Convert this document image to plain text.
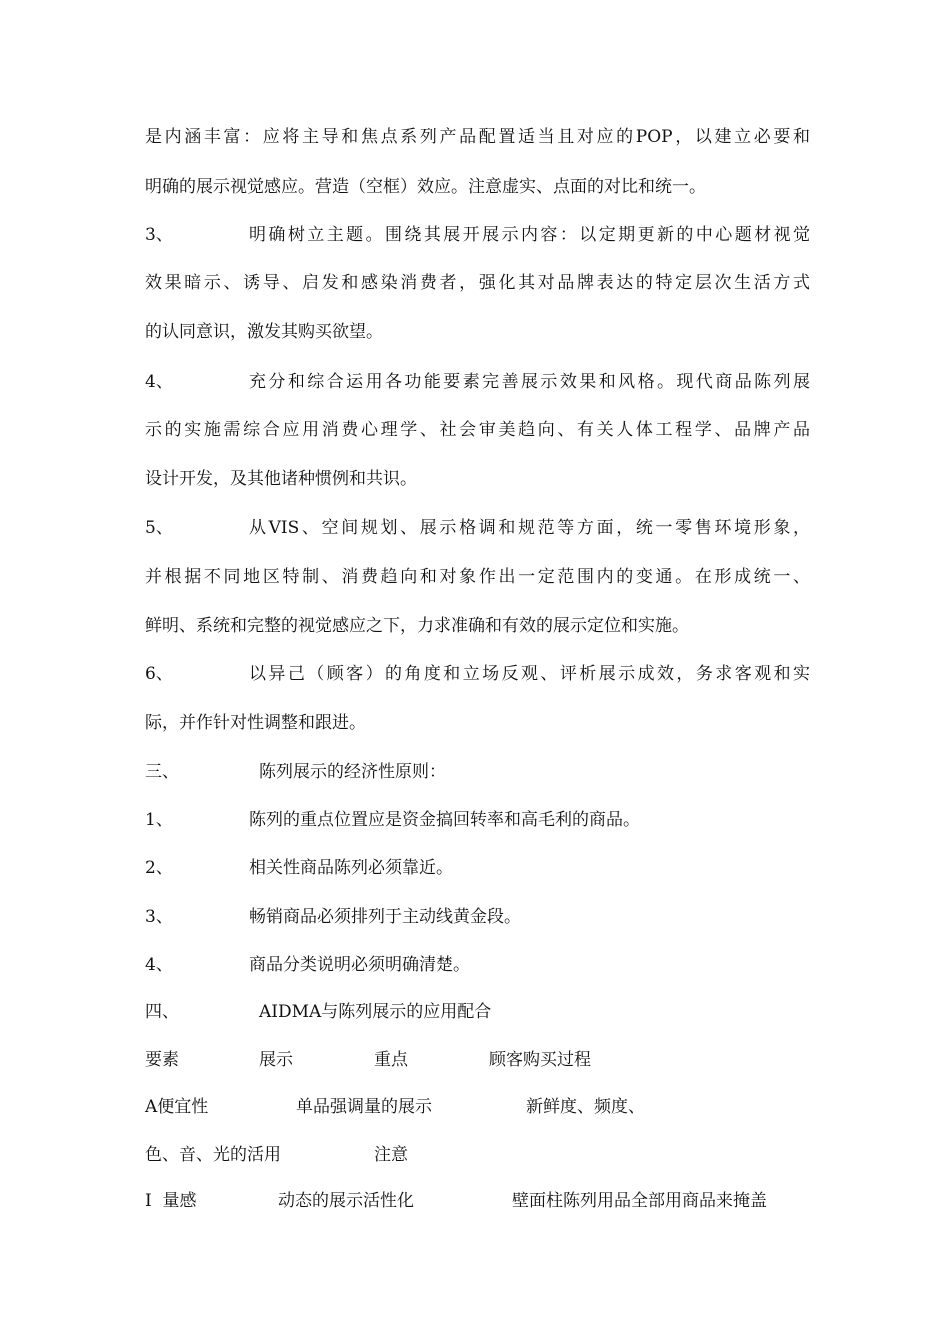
是内涵丰富：应将主导和焦点系列产品配置适当且对应的POP，以建立必要和
明确的展示视觉感应。营造（空框）效应。注意虚实、点面的对比和统一。
3、	明确树立主题。围绕其展开展示内容：以定期更新的中心题材视觉
效果暗示、诱导、启发和感染消费者，强化其对品牌表达的特定层次生活方式
的认同意识，激发其购买欲望。
4、	充分和综合运用各功能要素完善展示效果和风格。现代商品陈列展
示的实施需综合应用消费心理学、社会审美趋向、有关人体工程学、品牌产品
设计开发，及其他诸种惯例和共识。
5、	从VIS、空间规划、展示格调和规范等方面，统一零售环境形象，
并根据不同地区特制、消费趋向和对象作出一定范围内的变通。在形成统一、
鲜明、系统和完整的视觉感应之下，力求准确和有效的展示定位和实施。
6、	以异己（顾客）的角度和立场反观、评析展示成效，务求客观和实
际，并作针对性调整和跟进。
三、	陈列展示的经济性原则：
1、	陈列的重点位置应是资金搞回转率和高毛利的商品。
2、	相关性商品陈列必须靠近。
3、	畅销商品必须排列于主动线黄金段。
4、	商品分类说明必须明确清楚。
四、	AIDMA与陈列展示的应用配合
要素	展示	重点	顾客购买过程
A便宜性	单品强调量的展示	新鲜度、频度、
色、音、光的活用	注意
I  量感	动态的展示活性化	壁面柱陈列用品全部用商品来掩盖
